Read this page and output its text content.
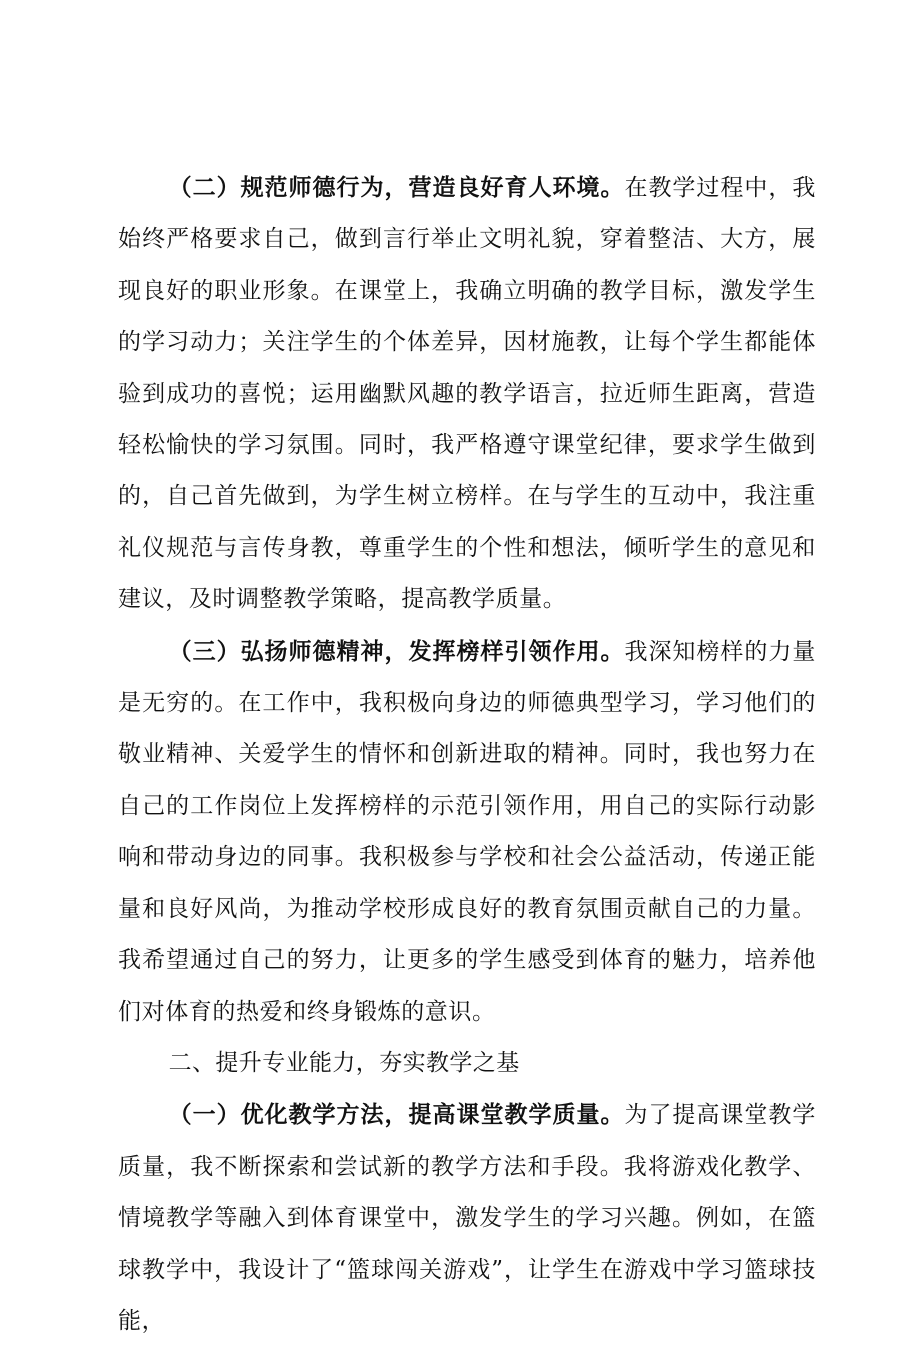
（二）规范师德行为，营造良好育人环境。在教学过程中，我始终严格要求自己，做到言行举止文明礼貌，穿着整洁、大方，展现良好的职业形象。在课堂上，我确立明确的教学目标，激发学生的学习动力；关注学生的个体差异，因材施教，让每个学生都能体验到成功的喜悦；运用幽默风趣的教学语言，拉近师生距离，营造轻松愉快的学习氛围。同时，我严格遵守课堂纪律，要求学生做到的，自己首先做到，为学生树立榜样。在与学生的互动中，我注重礼仪规范与言传身教，尊重学生的个性和想法，倾听学生的意见和建议，及时调整教学策略，提高教学质量。

（三）弘扬师德精神，发挥榜样引领作用。我深知榜样的力量是无穷的。在工作中，我积极向身边的师德典型学习，学习他们的敬业精神、关爱学生的情怀和创新进取的精神。同时，我也努力在自己的工作岗位上发挥榜样的示范引领作用，用自己的实际行动影响和带动身边的同事。我积极参与学校和社会公益活动，传递正能量和良好风尚，为推动学校形成良好的教育氛围贡献自己的力量。我希望通过自己的努力，让更多的学生感受到体育的魅力，培养他们对体育的热爱和终身锻炼的意识。

二、提升专业能力，夯实教学之基

（一）优化教学方法，提高课堂教学质量。为了提高课堂教学质量，我不断探索和尝试新的教学方法和手段。我将游戏化教学、情境教学等融入到体育课堂中，激发学生的学习兴趣。例如，在篮球教学中，我设计了“篮球闯关游戏”，让学生在游戏中学习篮球技能，
